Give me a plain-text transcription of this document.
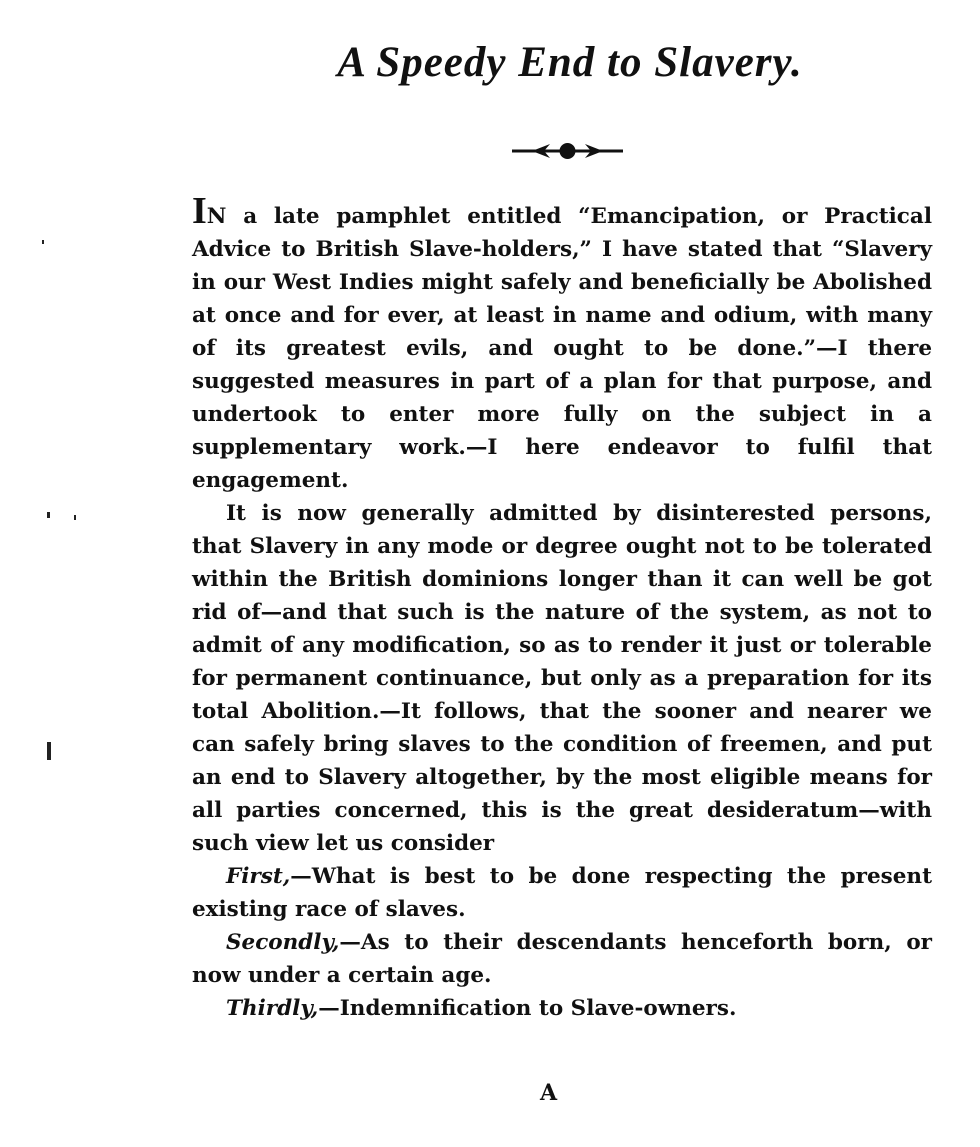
A Speedy End to Slavery.

IN a late pamphlet entitled “Emancipation, or Practical Advice to British Slave-holders,” I have stated that “Slavery in our West Indies might safely and beneficially be Abolished at once and for ever, at least in name and odium, with many of its greatest evils, and ought to be done.”—I there suggested measures in part of a plan for that purpose, and undertook to enter more fully on the subject in a supplementary work.—I here endeavor to fulfil that engagement.

It is now generally admitted by disinterested persons, that Slavery in any mode or degree ought not to be tolerated within the British dominions longer than it can well be got rid of—and that such is the nature of the system, as not to admit of any modification, so as to render it just or tolerable for permanent continuance, but only as a preparation for its total Abolition.—It follows, that the sooner and nearer we can safely bring slaves to the condition of freemen, and put an end to Slavery altogether, by the most eligible means for all parties concerned, this is the great desideratum—with such view let us consider

First,—What is best to be done respecting the present existing race of slaves.

Secondly,—As to their descendants henceforth born, or now under a certain age.

Thirdly,—Indemnification to Slave-owners.

A
